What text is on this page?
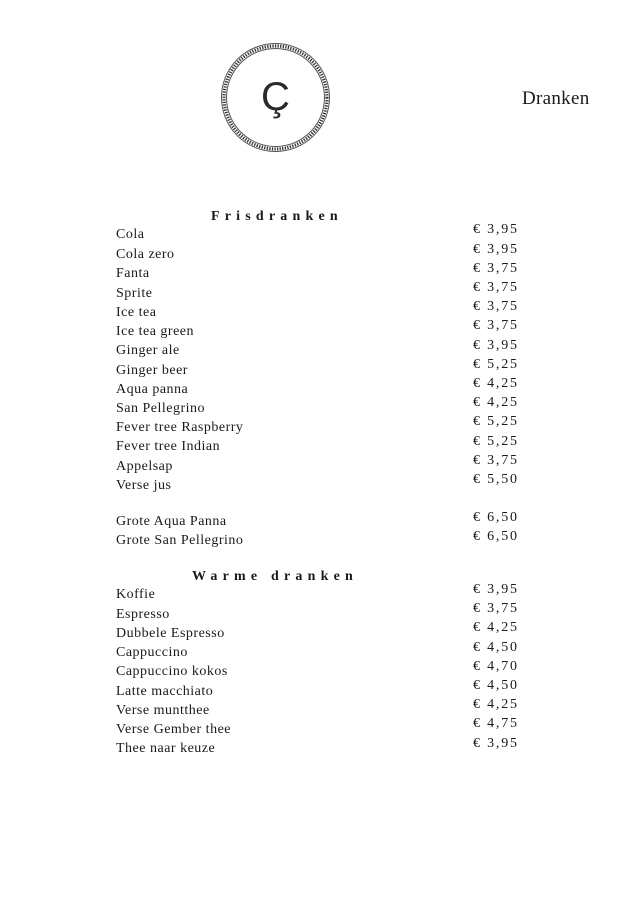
Ç	Dranken
Frisdranken
Cola	€ 3,95
Cola zero	€ 3,95
Fanta	€ 3,75
Sprite	€ 3,75
Ice tea	€ 3,75
Ice tea green	€ 3,75
Ginger ale	€ 3,95
Ginger beer	€ 5,25
Aqua panna	€ 4,25
San Pellegrino	€ 4,25
Fever tree Raspberry	€ 5,25
Fever tree Indian	€ 5,25
Appelsap	€ 3,75
Verse jus	€ 5,50
Grote Aqua Panna	€ 6,50
Grote San Pellegrino	€ 6,50
Warme dranken
Koffie	€ 3,95
Espresso	€ 3,75
Dubbele Espresso	€ 4,25
Cappuccino	€ 4,50
Cappuccino kokos	€ 4,70
Latte macchiato	€ 4,50
Verse muntthee	€ 4,25
Verse Gember thee	€ 4,75
Thee naar keuze	€ 3,95
